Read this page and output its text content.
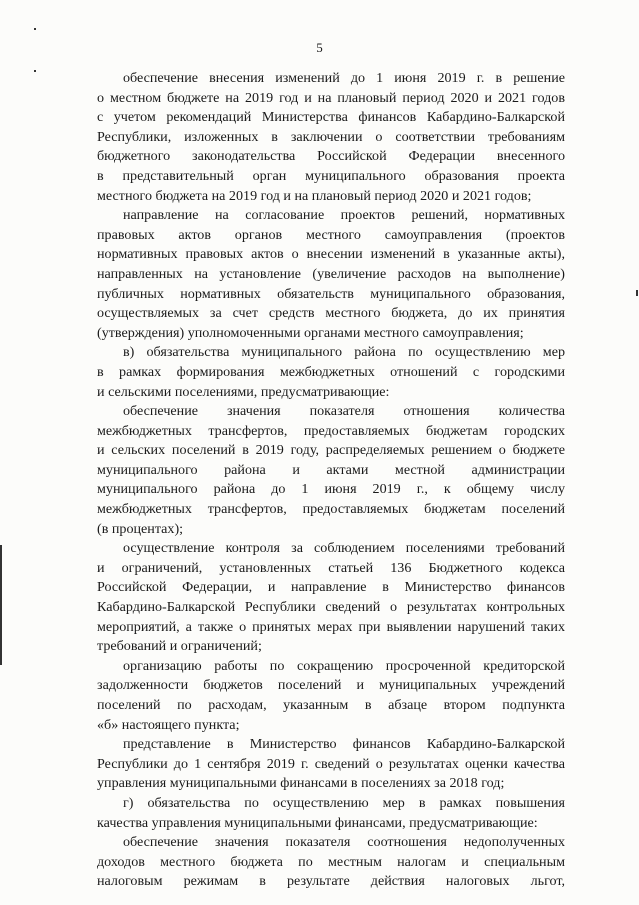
5
обеспечение внесения изменений до 1 июня 2019 г. в решение
о местном бюджете на 2019 год и на плановый период 2020 и 2021 годов
с учетом рекомендаций Министерства финансов Кабардино-Балкарской
Республики, изложенных в заключении о соответствии требованиям
бюджетного законодательства Российской Федерации внесенного
в представительный орган муниципального образования проекта
местного бюджета на 2019 год и на плановый период 2020 и 2021 годов;
направление на согласование проектов решений, нормативных
правовых актов органов местного самоуправления (проектов
нормативных правовых актов о внесении изменений в указанные акты),
направленных на установление (увеличение расходов на выполнение)
публичных нормативных обязательств муниципального образования,
осуществляемых за счет средств местного бюджета, до их принятия
(утверждения) уполномоченными органами местного самоуправления;
в) обязательства муниципального района по осуществлению мер
в рамках формирования межбюджетных отношений с городскими
и сельскими поселениями, предусматривающие:
обеспечение значения показателя отношения количества
межбюджетных трансфертов, предоставляемых бюджетам городских
и сельских поселений в 2019 году, распределяемых решением о бюджете
муниципального района и актами местной администрации
муниципального района до 1 июня 2019 г., к общему числу
межбюджетных трансфертов, предоставляемых бюджетам поселений
(в процентах);
осуществление контроля за соблюдением поселениями требований
и ограничений, установленных статьей 136 Бюджетного кодекса
Российской Федерации, и направление в Министерство финансов
Кабардино-Балкарской Республики сведений о результатах контрольных
мероприятий, а также о принятых мерах при выявлении нарушений таких
требований и ограничений;
организацию работы по сокращению просроченной кредиторской
задолженности бюджетов поселений и муниципальных учреждений
поселений по расходам, указанным в абзаце втором подпункта
«б» настоящего пункта;
представление в Министерство финансов Кабардино-Балкарской
Республики до 1 сентября 2019 г. сведений о результатах оценки качества
управления муниципальными финансами в поселениях за 2018 год;
г) обязательства по осуществлению мер в рамках повышения
качества управления муниципальными финансами, предусматривающие:
обеспечение значения показателя соотношения недополученных
доходов местного бюджета по местным налогам и специальным
налоговым режимам в результате действия налоговых льгот,
